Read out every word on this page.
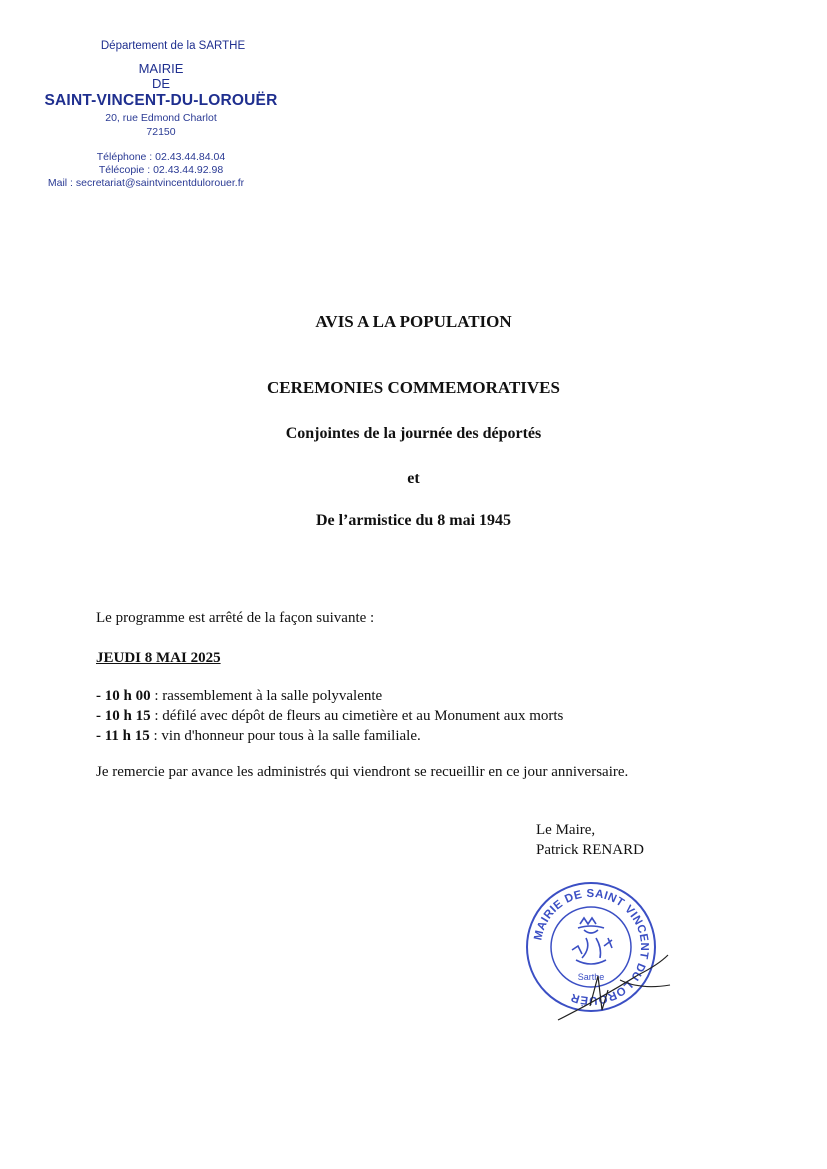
Département de la SARTHE
MAIRIE
DE
SAINT-VINCENT-DU-LOROUËR
20, rue Edmond Charlot
72150
Téléphone : 02.43.44.84.04
Télécopie : 02.43.44.92.98
Mail : secretariat@saintvincentdulorouer.fr
AVIS A LA POPULATION
CEREMONIES COMMEMORATIVES
Conjointes de la journée des déportés
et
De l’armistice du 8 mai 1945
Le programme est arrêté de la façon suivante :
JEUDI 8 MAI 2025
- 10 h 00 : rassemblement à la salle polyvalente
- 10 h 15 : défilé avec dépôt de fleurs au cimetière et au Monument aux morts
- 11 h 15 : vin d'honneur pour tous à la salle familiale.
Je remercie par avance les administrés qui viendront se recueillir en ce jour anniversaire.
Le Maire,
Patrick RENARD
MAIRIE DE SAINT VINCENT DU LOROUËR
Sarthe
